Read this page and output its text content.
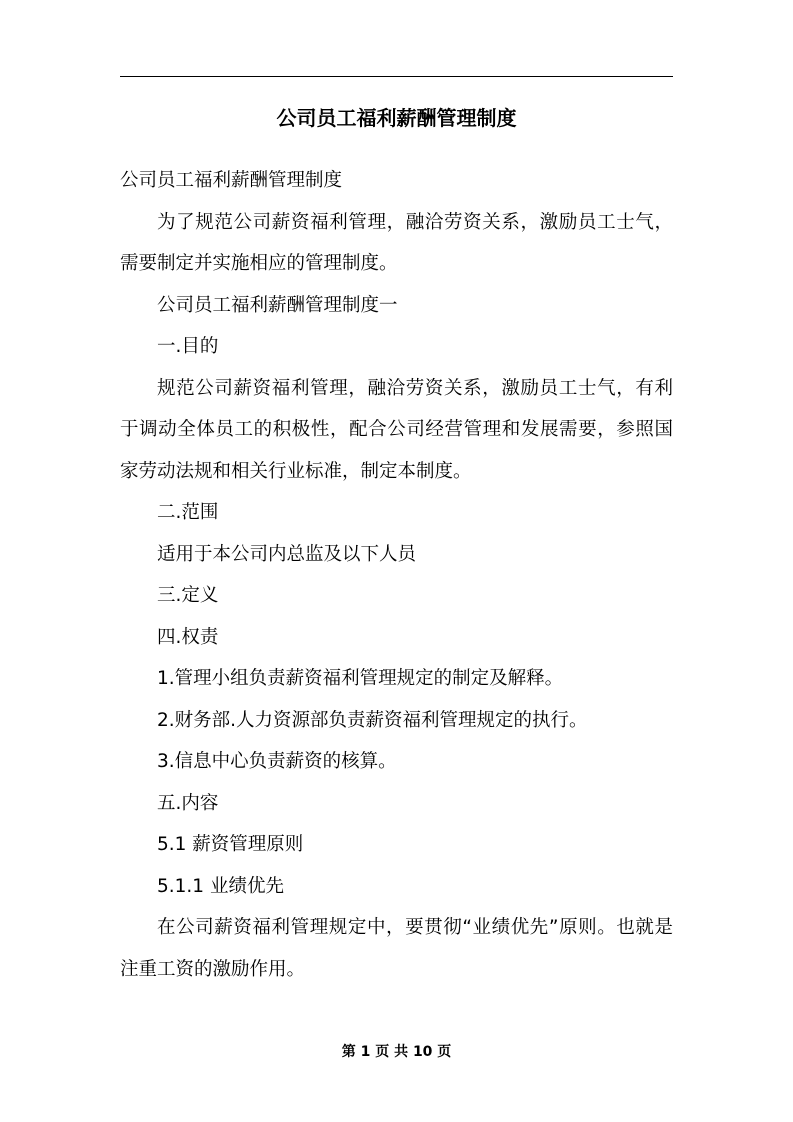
公司员工福利薪酬管理制度

公司员工福利薪酬管理制度

为了规范公司薪资福利管理，融洽劳资关系，激励员工士气，需要制定并实施相应的管理制度。

公司员工福利薪酬管理制度一

一.目的

规范公司薪资福利管理，融洽劳资关系，激励员工士气，有利于调动全体员工的积极性，配合公司经营管理和发展需要，参照国家劳动法规和相关行业标准，制定本制度。

二.范围

适用于本公司内总监及以下人员

三.定义

四.权责

1.管理小组负责薪资福利管理规定的制定及解释。

2.财务部.人力资源部负责薪资福利管理规定的执行。

3.信息中心负责薪资的核算。

五.内容

5.1 薪资管理原则

5.1.1 业绩优先

在公司薪资福利管理规定中，要贯彻“业绩优先”原则。也就是注重工资的激励作用。

第 1 页 共 10 页
